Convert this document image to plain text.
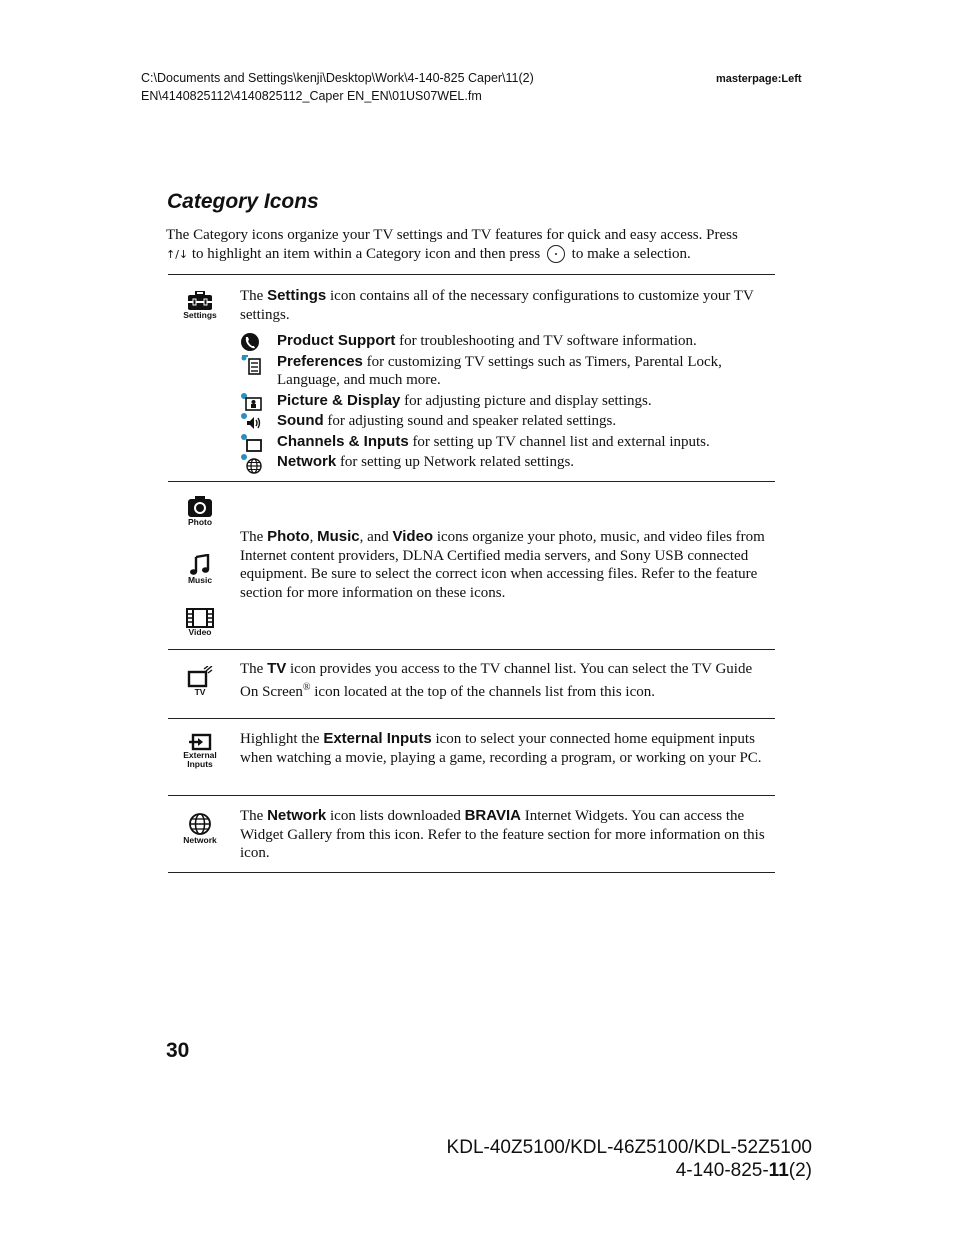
C:\Documents and Settings\kenji\Desktop\Work\4-140-825 Caper\11(2)
EN\4140825112\4140825112_Caper EN_EN\01US07WEL.fm
masterpage:Left
Category Icons

The Category icons organize your TV settings and TV features for quick and easy access. Press
↑/↓ to highlight an item within a Category icon and then press  to make a selection.

Settings
The Settings icon contains all of the necessary configurations to customize your TV settings.
Product Support for troubleshooting and TV software information.
Preferences for customizing TV settings such as Timers, Parental Lock, Language, and much more.
Picture & Display for adjusting picture and display settings.
Sound for adjusting sound and speaker related settings.
Channels & Inputs for setting up TV channel list and external inputs.
Network for setting up Network related settings.
Photo
Music
Video
The Photo, Music, and Video icons organize your photo, music, and video files from Internet content providers, DLNA Certified media servers, and Sony USB connected equipment. Be sure to select the correct icon when accessing files. Refer to the feature section for more information on these icons.
TV
The TV icon provides you access to the TV channel list. You can select the TV Guide On Screen® icon located at the top of the channels list from this icon.
External
Inputs
Highlight the External Inputs icon to select your connected home equipment inputs when watching a movie, playing a game, recording a program, or working on your PC.
Network
The Network icon lists downloaded BRAVIA Internet Widgets. You can access the Widget Gallery from this icon. Refer to the feature section for more information on this icon.
30
KDL-40Z5100/KDL-46Z5100/KDL-52Z5100
4-140-825-11(2)
